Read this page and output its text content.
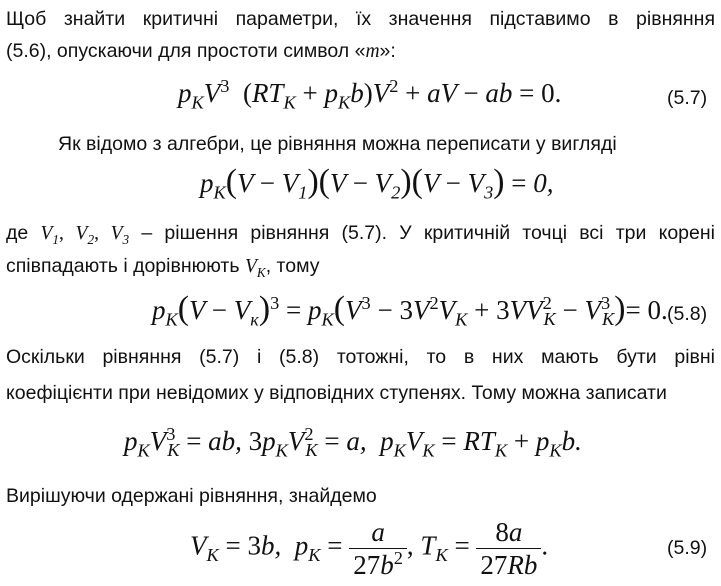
Щоб знайти критичні параметри, їх значення підставимо в рівняння
(5.6), опускаючи для простоти символ «m»:
$p_KV^3$ $(RT_K + p_Kb)V^2$ + aV − ab = 0.	(5.7)
Як відомо з алгебри, це рівняння можна переписати у вигляді
$p_K(V - V_1)(V - V_2)(V - V_3) = 0$,
де $V_1$, $V_2$, $V_3$ – рішення рівняння (5.7). У критичній точці всі три корені
співпадають і дорівнюють $V_K$, тому
$p_K(V - V_к)^3 = p_K(V^3 - 3V^2V_K + 3VV^2_K - V^3_K)= 0$. (5.8)
Оскільки рівняння (5.7) і (5.8) тотожні, то в них мають бути рівні
коефіцієнти при невідомих у відповідних ступенях. Тому можна записати
$p_KV^3_K$ = ab, $3p_KV^2_K = a$,  $p_KV_K = RT_K + p_Kb$.
Вирішуючи одержані рівняння, знайдемо
$V_K = 3b$,  $p_K = \frac{a}{27b^2}$ , $T_K = \frac{8a}{27Rb}$ .	(5.9)
